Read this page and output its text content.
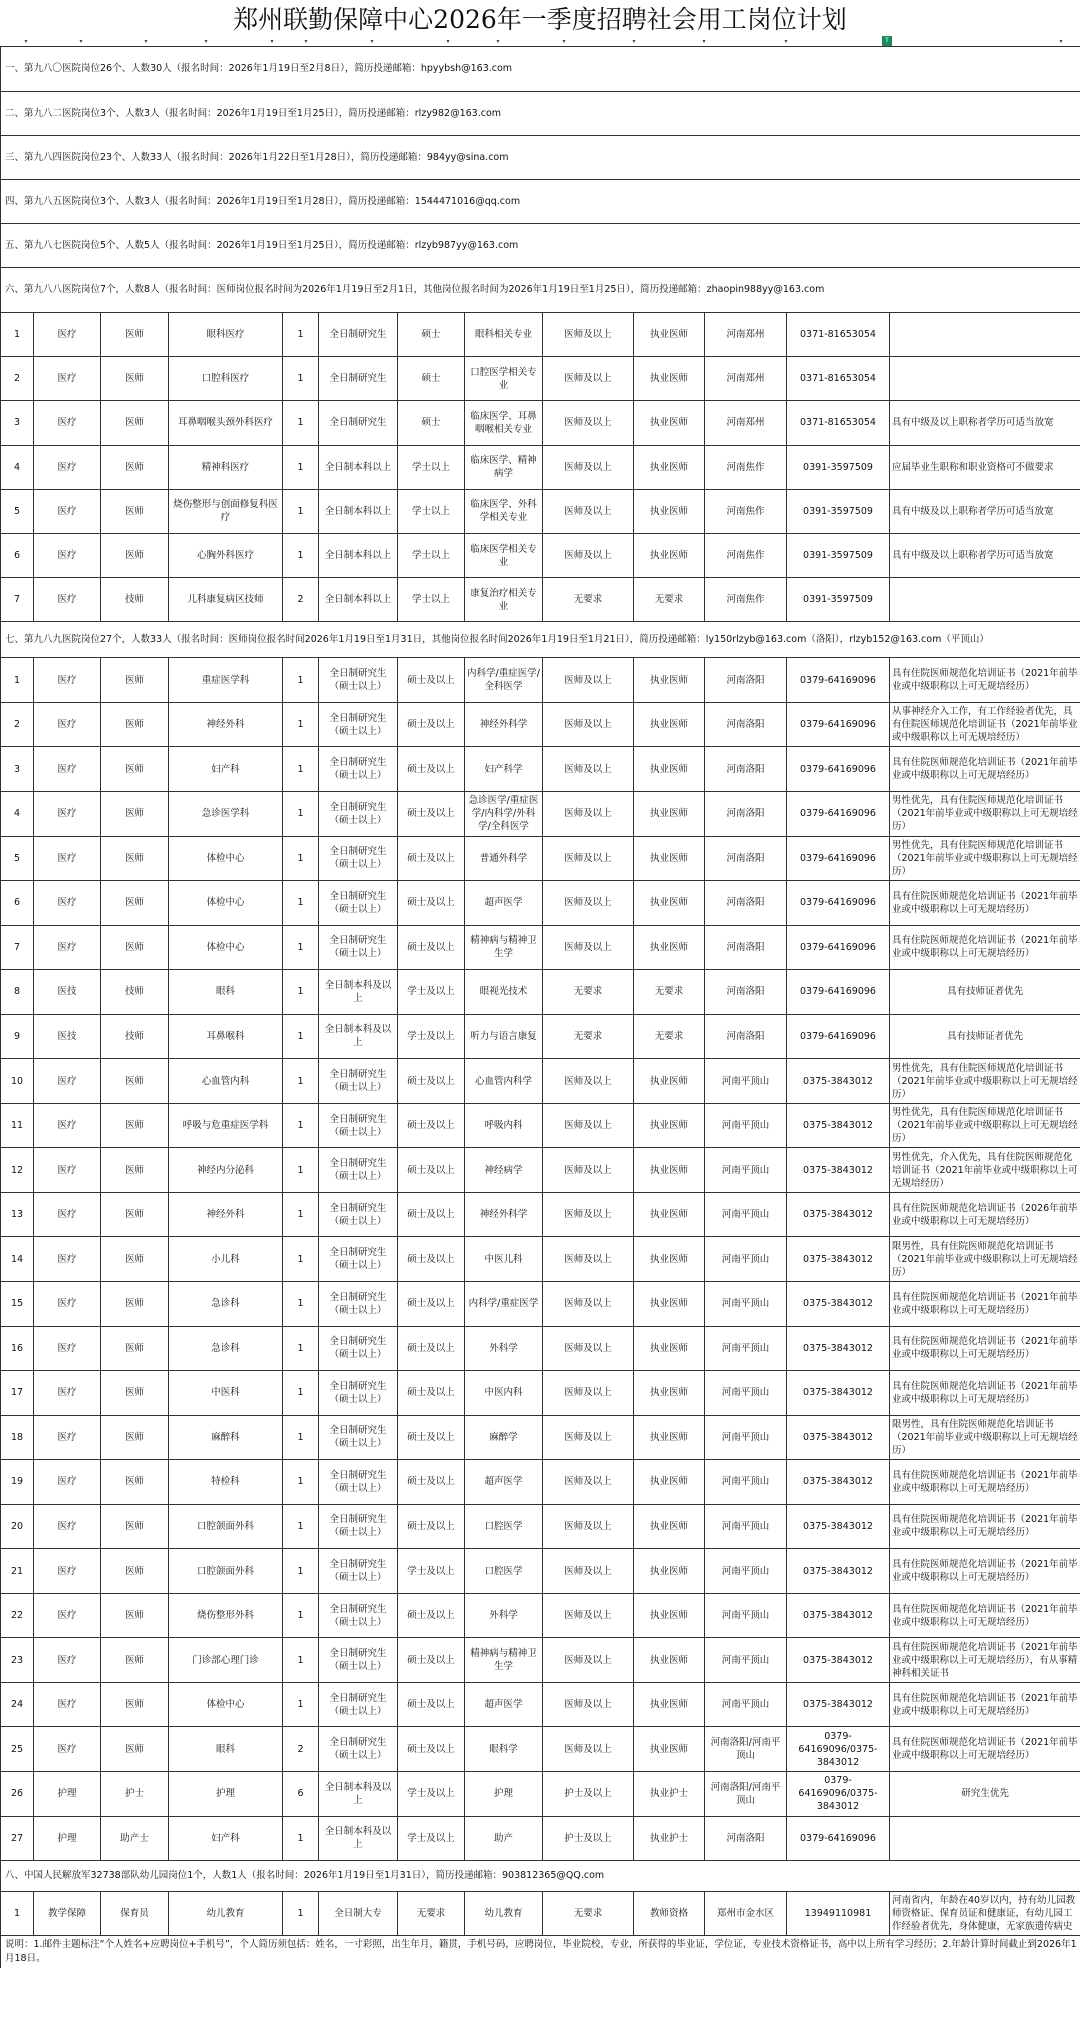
郑州联勤保障中心2026年一季度招聘社会用工岗位计划
▾	▾	▾	▾	▾	▾	▾	▾	▾	▾	▾	▾	▾	T	▾
一、第九八〇医院岗位26个、人数30人（报名时间：2026年1月19日至2月8日），简历投递邮箱：hpyybsh@163.com												
二、第九八二医院岗位3个、人数3人（报名时间：2026年1月19日至1月25日），简历投递邮箱：rlzy982@163.com												
三、第九八四医院岗位23个、人数33人（报名时间：2026年1月22日至1月28日），简历投递邮箱：984yy@sina.com												
四、第九八五医院岗位3个、人数3人（报名时间：2026年1月19日至1月28日），简历投递邮箱：1544471016@qq.com												
五、第九八七医院岗位5个、人数5人（报名时间：2026年1月19日至1月25日），简历投递邮箱：rlzyb987yy@163.com												
六、第九八八医院岗位7个，人数8人（报名时间：医师岗位报名时间为2026年1月19日至2月1日，其他岗位报名时间为2026年1月19日至1月25日），简历投递邮箱：zhaopin988yy@163.com												
1	医疗	医师	眼科医疗	1	全日制研究生	硕士	眼科相关专业	医师及以上	执业医师	河南郑州	0371-81653054	
2	医疗	医师	口腔科医疗	1	全日制研究生	硕士	口腔医学相关专业	医师及以上	执业医师	河南郑州	0371-81653054	
3	医疗	医师	耳鼻咽喉头颈外科医疗	1	全日制研究生	硕士	临床医学、耳鼻咽喉相关专业	医师及以上	执业医师	河南郑州	0371-81653054	具有中级及以上职称者学历可适当放宽
4	医疗	医师	精神科医疗	1	全日制本科以上	学士以上	临床医学、精神病学	医师及以上	执业医师	河南焦作	0391-3597509	应届毕业生职称和职业资格可不做要求
5	医疗	医师	烧伤整形与创面修复科医疗	1	全日制本科以上	学士以上	临床医学、外科学相关专业	医师及以上	执业医师	河南焦作	0391-3597509	具有中级及以上职称者学历可适当放宽
6	医疗	医师	心胸外科医疗	1	全日制本科以上	学士以上	临床医学相关专业	医师及以上	执业医师	河南焦作	0391-3597509	具有中级及以上职称者学历可适当放宽
7	医疗	技师	儿科康复病区技师	2	全日制本科以上	学士以上	康复治疗相关专业	无要求	无要求	河南焦作	0391-3597509	
七、第九八九医院岗位27个，人数33人（报名时间：医师岗位报名时间2026年1月19日至1月31日，其他岗位报名时间2026年1月19日至1月21日），简历投递邮箱：ly150rlzyb@163.com（洛阳），rlzyb152@163.com（平顶山）												
1	医疗	医师	重症医学科	1	全日制研究生（硕士以上）	硕士及以上	内科学/重症医学/全科医学	医师及以上	执业医师	河南洛阳	0379-64169096	具有住院医师规范化培训证书（2021年前毕业或中级职称以上可无规培经历）
2	医疗	医师	神经外科	1	全日制研究生（硕士以上）	硕士及以上	神经外科学	医师及以上	执业医师	河南洛阳	0379-64169096	从事神经介入工作，有工作经验者优先，具有住院医师规范化培训证书（2021年前毕业或中级职称以上可无规培经历）
3	医疗	医师	妇产科	1	全日制研究生（硕士以上）	硕士及以上	妇产科学	医师及以上	执业医师	河南洛阳	0379-64169096	具有住院医师规范化培训证书（2021年前毕业或中级职称以上可无规培经历）
4	医疗	医师	急诊医学科	1	全日制研究生（硕士以上）	硕士及以上	急诊医学/重症医学/内科学/外科学/全科医学	医师及以上	执业医师	河南洛阳	0379-64169096	男性优先，具有住院医师规范化培训证书（2021年前毕业或中级职称以上可无规培经历）
5	医疗	医师	体检中心	1	全日制研究生（硕士以上）	硕士及以上	普通外科学	医师及以上	执业医师	河南洛阳	0379-64169096	男性优先，具有住院医师规范化培训证书（2021年前毕业或中级职称以上可无规培经历）
6	医疗	医师	体检中心	1	全日制研究生（硕士以上）	硕士及以上	超声医学	医师及以上	执业医师	河南洛阳	0379-64169096	具有住院医师规范化培训证书（2021年前毕业或中级职称以上可无规培经历）
7	医疗	医师	体检中心	1	全日制研究生（硕士以上）	硕士及以上	精神病与精神卫生学	医师及以上	执业医师	河南洛阳	0379-64169096	具有住院医师规范化培训证书（2021年前毕业或中级职称以上可无规培经历）
8	医技	技师	眼科	1	全日制本科及以上	学士及以上	眼视光技术	无要求	无要求	河南洛阳	0379-64169096	具有技师证者优先
9	医技	技师	耳鼻喉科	1	全日制本科及以上	学士及以上	听力与语言康复	无要求	无要求	河南洛阳	0379-64169096	具有技师证者优先
10	医疗	医师	心血管内科	1	全日制研究生（硕士以上）	硕士及以上	心血管内科学	医师及以上	执业医师	河南平顶山	0375-3843012	男性优先，具有住院医师规范化培训证书（2021年前毕业或中级职称以上可无规培经历）
11	医疗	医师	呼吸与危重症医学科	1	全日制研究生（硕士以上）	硕士及以上	呼吸内科	医师及以上	执业医师	河南平顶山	0375-3843012	男性优先，具有住院医师规范化培训证书（2021年前毕业或中级职称以上可无规培经历）
12	医疗	医师	神经内分泌科	1	全日制研究生（硕士以上）	硕士及以上	神经病学	医师及以上	执业医师	河南平顶山	0375-3843012	男性优先，介入优先，具有住院医师规范化培训证书（2021年前毕业或中级职称以上可无规培经历）
13	医疗	医师	神经外科	1	全日制研究生（硕士以上）	硕士及以上	神经外科学	医师及以上	执业医师	河南平顶山	0375-3843012	具有住院医师规范化培训证书（2026年前毕业或中级职称以上可无规培经历）
14	医疗	医师	小儿科	1	全日制研究生（硕士以上）	硕士及以上	中医儿科	医师及以上	执业医师	河南平顶山	0375-3843012	限男性，具有住院医师规范化培训证书（2021年前毕业或中级职称以上可无规培经历）
15	医疗	医师	急诊科	1	全日制研究生（硕士以上）	硕士及以上	内科学/重症医学	医师及以上	执业医师	河南平顶山	0375-3843012	具有住院医师规范化培训证书（2021年前毕业或中级职称以上可无规培经历）
16	医疗	医师	急诊科	1	全日制研究生（硕士以上）	硕士及以上	外科学	医师及以上	执业医师	河南平顶山	0375-3843012	具有住院医师规范化培训证书（2021年前毕业或中级职称以上可无规培经历）
17	医疗	医师	中医科	1	全日制研究生（硕士以上）	硕士及以上	中医内科	医师及以上	执业医师	河南平顶山	0375-3843012	具有住院医师规范化培训证书（2021年前毕业或中级职称以上可无规培经历）
18	医疗	医师	麻醉科	1	全日制研究生（硕士以上）	硕士及以上	麻醉学	医师及以上	执业医师	河南平顶山	0375-3843012	限男性，具有住院医师规范化培训证书（2021年前毕业或中级职称以上可无规培经历）
19	医疗	医师	特检科	1	全日制研究生（硕士以上）	硕士及以上	超声医学	医师及以上	执业医师	河南平顶山	0375-3843012	具有住院医师规范化培训证书（2021年前毕业或中级职称以上可无规培经历）
20	医疗	医师	口腔颌面外科	1	全日制研究生（硕士以上）	硕士及以上	口腔医学	医师及以上	执业医师	河南平顶山	0375-3843012	具有住院医师规范化培训证书（2021年前毕业或中级职称以上可无规培经历）
21	医疗	医师	口腔颌面外科	1	全日制研究生（硕士以上）	学士及以上	口腔医学	医师及以上	执业医师	河南平顶山	0375-3843012	具有住院医师规范化培训证书（2021年前毕业或中级职称以上可无规培经历）
22	医疗	医师	烧伤整形外科	1	全日制研究生（硕士以上）	硕士及以上	外科学	医师及以上	执业医师	河南平顶山	0375-3843012	具有住院医师规范化培训证书（2021年前毕业或中级职称以上可无规培经历）
23	医疗	医师	门诊部心理门诊	1	全日制研究生（硕士以上）	硕士及以上	精神病与精神卫生学	医师及以上	执业医师	河南平顶山	0375-3843012	具有住院医师规范化培训证书（2021年前毕业或中级职称以上可无规培经历），有从事精神科相关证书
24	医疗	医师	体检中心	1	全日制研究生（硕士以上）	硕士及以上	超声医学	医师及以上	执业医师	河南平顶山	0375-3843012	具有住院医师规范化培训证书（2021年前毕业或中级职称以上可无规培经历）
25	医疗	医师	眼科	2	全日制研究生（硕士以上）	硕士及以上	眼科学	医师及以上	执业医师	河南洛阳/河南平顶山	0379-64169096/0375-3843012	具有住院医师规范化培训证书（2021年前毕业或中级职称以上可无规培经历）
26	护理	护士	护理	6	全日制本科及以上	学士及以上	护理	护士及以上	执业护士	河南洛阳/河南平顶山	0379-64169096/0375-3843012	研究生优先
27	护理	助产士	妇产科	1	全日制本科及以上	学士及以上	助产	护士及以上	执业护士	河南洛阳	0379-64169096	
八、中国人民解放军32738部队幼儿园岗位1个，人数1人（报名时间：2026年1月19日至1月31日），简历投递邮箱：903812365@QQ.com												
1	教学保障	保育员	幼儿教育	1	全日制大专	无要求	幼儿教育	无要求	教师资格	郑州市金水区	13949110981	河南省内，年龄在40岁以内，持有幼儿园教师资格证、保育员证和健康证，有幼儿园工作经验者优先，身体健康，无家族遗传病史
说明：1.邮件主题标注“个人姓名+应聘岗位+手机号”，个人简历须包括：姓名，一寸彩照，出生年月，籍贯，手机号码，应聘岗位，毕业院校，专业，所获得的毕业证，学位证，专业技术资格证书，高中以上所有学习经历；2.年龄计算时间截止到2026年1月18日。												
